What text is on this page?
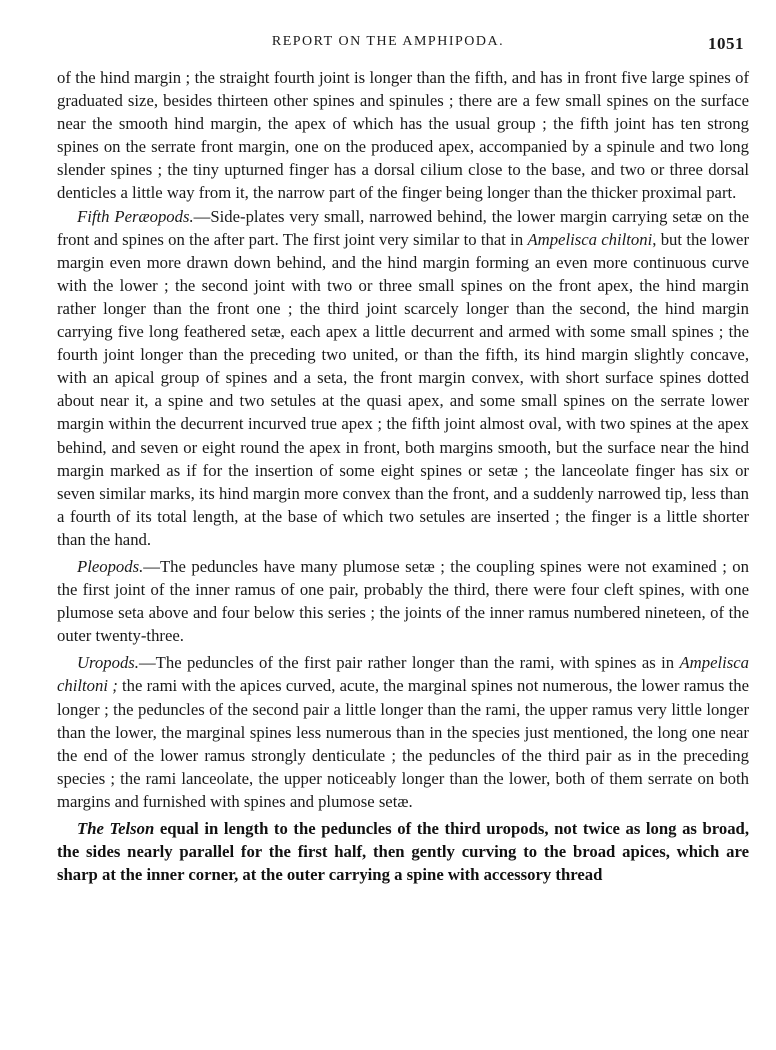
REPORT ON THE AMPHIPODA.	1051

of the hind margin ; the straight fourth joint is longer than the fifth, and has in front five large spines of graduated size, besides thirteen other spines and spinules ; there are a few small spines on the surface near the smooth hind margin, the apex of which has the usual group ; the fifth joint has ten strong spines on the serrate front margin, one on the produced apex, accompanied by a spinule and two long slender spines ; the tiny upturned finger has a dorsal cilium close to the base, and two or three dorsal denticles a little way from it, the narrow part of the finger being longer than the thicker proximal part.

Fifth Peræopods.—Side-plates very small, narrowed behind, the lower margin carrying setæ on the front and spines on the after part. The first joint very similar to that in Ampelisca chiltoni, but the lower margin even more drawn down behind, and the hind margin forming an even more continuous curve with the lower ; the second joint with two or three small spines on the front apex, the hind margin rather longer than the front one ; the third joint scarcely longer than the second, the hind margin carrying five long feathered setæ, each apex a little decurrent and armed with some small spines ; the fourth joint longer than the preceding two united, or than the fifth, its hind margin slightly concave, with an apical group of spines and a seta, the front margin convex, with short surface spines dotted about near it, a spine and two setules at the quasi apex, and some small spines on the serrate lower margin within the decurrent incurved true apex ; the fifth joint almost oval, with two spines at the apex behind, and seven or eight round the apex in front, both margins smooth, but the surface near the hind margin marked as if for the insertion of some eight spines or setæ ; the lanceolate finger has six or seven similar marks, its hind margin more convex than the front, and a suddenly narrowed tip, less than a fourth of its total length, at the base of which two setules are inserted ; the finger is a little shorter than the hand.

Pleopods.—The peduncles have many plumose setæ ; the coupling spines were not examined ; on the first joint of the inner ramus of one pair, probably the third, there were four cleft spines, with one plumose seta above and four below this series ; the joints of the inner ramus numbered nineteen, of the outer twenty-three.

Uropods.—The peduncles of the first pair rather longer than the rami, with spines as in Ampelisca chiltoni ; the rami with the apices curved, acute, the marginal spines not numerous, the lower ramus the longer ; the peduncles of the second pair a little longer than the rami, the upper ramus very little longer than the lower, the marginal spines less numerous than in the species just mentioned, the long one near the end of the lower ramus strongly denticulate ; the peduncles of the third pair as in the preceding species ; the rami lanceolate, the upper noticeably longer than the lower, both of them serrate on both margins and furnished with spines and plumose setæ.

The Telson equal in length to the peduncles of the third uropods, not twice as long as broad, the sides nearly parallel for the first half, then gently curving to the broad apices, which are sharp at the inner corner, at the outer carrying a spine with accessory thread
